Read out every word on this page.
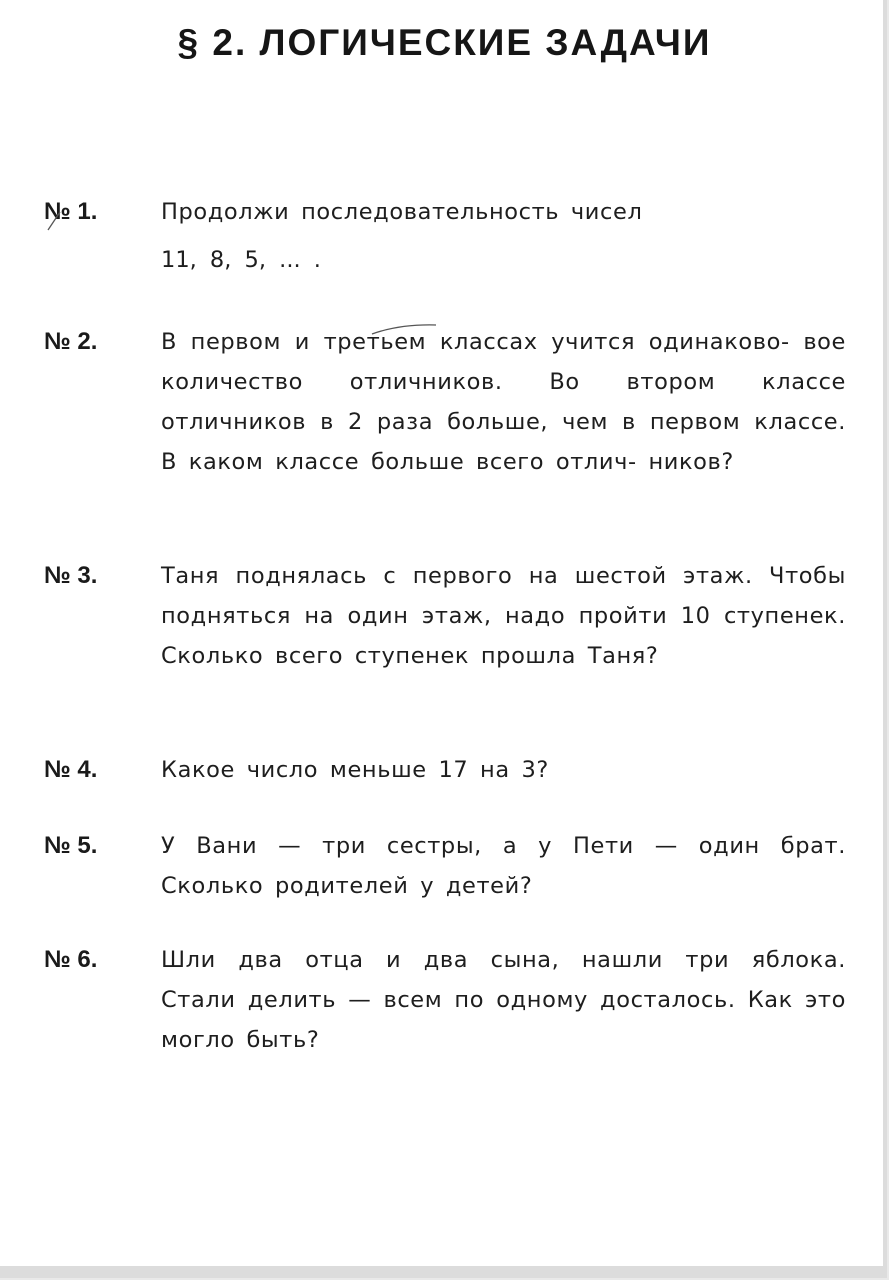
§ 2. ЛОГИЧЕСКИЕ ЗАДАЧИ
№ 1.	Продолжи последовательность чисел
11, 8, 5, ... .
№ 2.	В первом и третьем классах учится одинаково‑ вое количество отличников. Во втором классе отличников в 2 раза больше, чем в первом классе. В каком классе больше всего отлич- ников?
№ 3.	Таня поднялась с первого на шестой этаж. Чтобы подняться на один этаж, надо пройти 10 ступенек. Сколько всего ступенек прошла Таня?
№ 4.	Какое число меньше 17 на 3?
№ 5.	У Вани — три сестры, а у Пети — один брат. Сколько родителей у детей?
№ 6.	Шли два отца и два сына, нашли три яблока. Стали делить — всем по одному досталось. Как это могло быть?
